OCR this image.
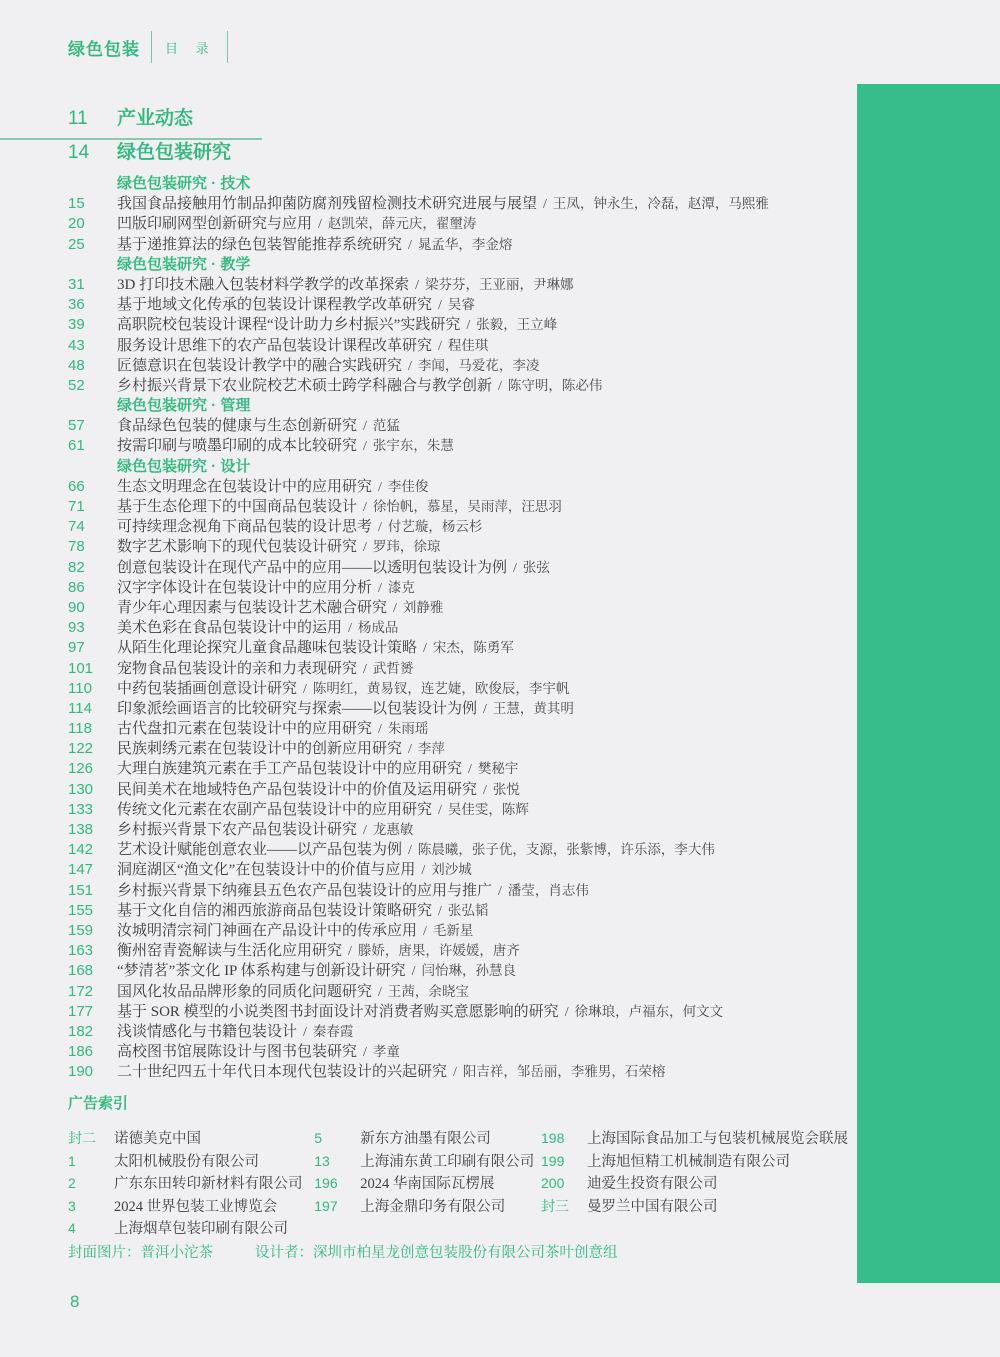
绿色包装 目 录
11	产业动态
14	绿色包装研究
绿色包装研究 · 技术
15	我国食品接触用竹制品抑菌防腐剂残留检测技术研究进展与展望 / 王凤，钟永生，冷磊，赵潭，马熙雅
20	凹版印刷网型创新研究与应用 / 赵凯荣，薛元庆，翟壐涛
25	基于递推算法的绿色包装智能推荐系统研究 / 晁孟华，李金熔
绿色包装研究 · 教学
31	3D 打印技术融入包装材料学教学的改革探索 / 梁芬芬，王亚丽，尹琳娜
36	基于地域文化传承的包装设计课程教学改革研究 / 吴睿
39	高职院校包装设计课程“设计助力乡村振兴”实践研究 / 张毅，王立峰
43	服务设计思维下的农产品包装设计课程改革研究 / 程佳琪
48	匠德意识在包装设计教学中的融合实践研究 / 李闻，马爱花，李凌
52	乡村振兴背景下农业院校艺术硕士跨学科融合与教学创新 / 陈守明，陈必伟
绿色包装研究 · 管理
57	食品绿色包装的健康与生态创新研究 / 范猛
61	按需印刷与喷墨印刷的成本比较研究 / 张宇东，朱慧
绿色包装研究 · 设计
66	生态文明理念在包装设计中的应用研究 / 李佳俊
71	基于生态伦理下的中国商品包装设计 / 徐怡帆，慕星，吴雨萍，汪思羽
74	可持续理念视角下商品包装的设计思考 / 付艺璇，杨云杉
78	数字艺术影响下的现代包装设计研究 / 罗玮，徐琼
82	创意包装设计在现代产品中的应用——以透明包装设计为例 / 张弦
86	汉字字体设计在包装设计中的应用分析 / 漆克
90	青少年心理因素与包装设计艺术融合研究 / 刘静雅
93	美术色彩在食品包装设计中的运用 / 杨成品
97	从陌生化理论探究儿童食品趣味包装设计策略 / 宋杰，陈勇军
101	宠物食品包装设计的亲和力表现研究 / 武哲赟
110	中药包装插画创意设计研究 / 陈明红，黄易钗，连艺婕，欧俊辰，李宇帆
114	印象派绘画语言的比较研究与探索——以包装设计为例 / 王慧，黄其明
118	古代盘扣元素在包装设计中的应用研究 / 朱雨瑶
122	民族刺绣元素在包装设计中的创新应用研究 / 李萍
126	大理白族建筑元素在手工产品包装设计中的应用研究 / 樊秘宇
130	民间美术在地域特色产品包装设计中的价值及运用研究 / 张悦
133	传统文化元素在农副产品包装设计中的应用研究 / 吴佳雯，陈辉
138	乡村振兴背景下农产品包装设计研究 / 龙惠敏
142	艺术设计赋能创意农业——以产品包装为例 / 陈晨曦，张子优，支源，张紫博，许乐添，李大伟
147	洞庭湖区“渔文化”在包装设计中的价值与应用 / 刘沙城
151	乡村振兴背景下纳雍县五色农产品包装设计的应用与推广 / 潘莹，肖志伟
155	基于文化自信的湘西旅游商品包装设计策略研究 / 张弘韬
159	汝城明清宗祠门神画在产品设计中的传承应用 / 毛新星
163	衡州窑青瓷解读与生活化应用研究 / 滕娇，唐果，许媛媛，唐齐
168	“梦清茗”茶文化 IP 体系构建与创新设计研究 / 闫怡琳，孙慧良
172	国风化妆品品牌形象的同质化问题研究 / 王茜，余晓宝
177	基于 SOR 模型的小说类图书封面设计对消费者购买意愿影响的研究 / 徐琳琅，卢福东，何文文
182	浅谈情感化与书籍包装设计 / 秦春霞
186	高校图书馆展陈设计与图书包装研究 / 孝童
190	二十世纪四五十年代日本现代包装设计的兴起研究 / 阳吉祥，邹岳丽，李雅男，石荣榕
广告索引
封二	诺德美克中国
1	太阳机械股份有限公司
2	广东东田转印新材料有限公司
3	2024 世界包装工业博览会
4	上海烟草包装印刷有限公司
5	新东方油墨有限公司
13	上海浦东黄工印刷有限公司
196	2024 华南国际瓦楞展
197	上海金鼎印务有限公司
198	上海国际食品加工与包装机械展览会联展
199	上海旭恒精工机械制造有限公司
200	迪爱生投资有限公司
封三	曼罗兰中国有限公司
封面图片：普洱小沱茶	设计者：深圳市柏星龙创意包装股份有限公司茶叶创意组
8
